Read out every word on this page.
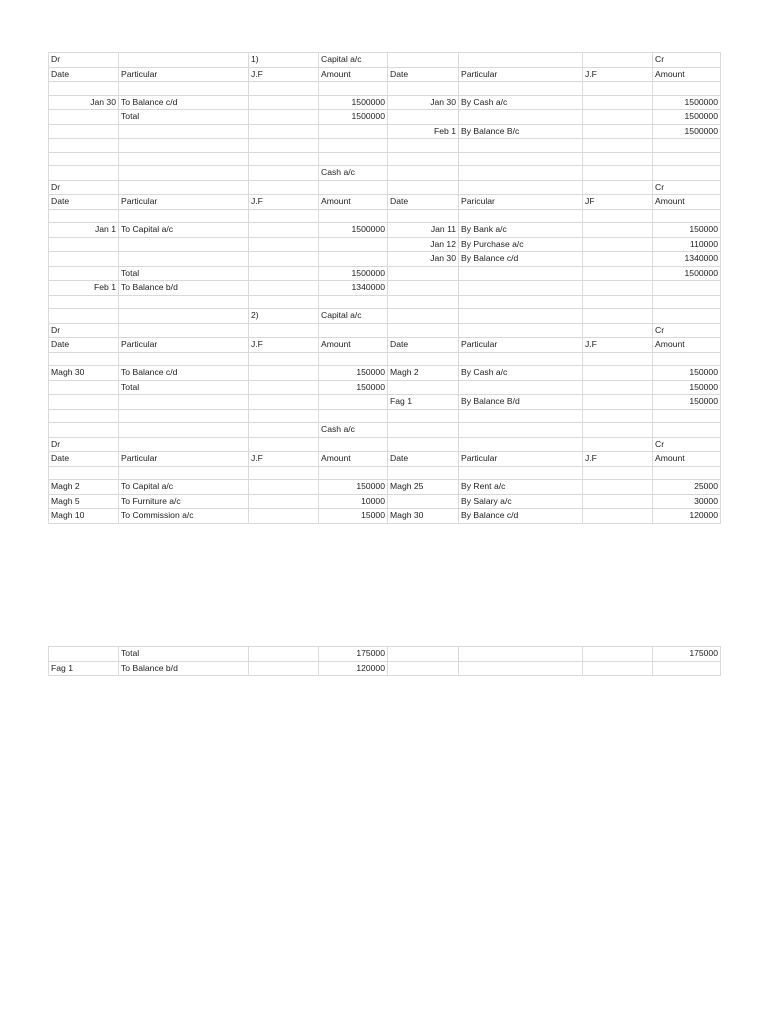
Dr		1)	Capital a/c				Cr
Date	Particular	J.F	Amount	Date	Particular	J.F	Amount

Jan 30	To Balance c/d		1500000	Jan 30	By Cash a/c		1500000
	Total		1500000				1500000
				Feb 1	By Balance B/c		1500000

			Cash a/c				
Dr							Cr
Date	Particular	J.F	Amount	Date	Paricular	JF	Amount

Jan 1	To Capital a/c		1500000	Jan 11	By Bank a/c		150000
				Jan 12	By Purchase a/c		110000
				Jan 30	By Balance c/d		1340000
	Total		1500000				1500000
Feb 1	To Balance b/d		1340000				

		2)	Capital a/c				
Dr							Cr
Date	Particular	J.F	Amount	Date	Particular	J.F	Amount

Magh 30	To Balance c/d		150000	Magh 2	By Cash a/c		150000
	Total		150000				150000
				Fag 1	By Balance B/d		150000

			Cash a/c				
Dr							Cr
Date	Particular	J.F	Amount	Date	Particular	J.F	Amount

Magh 2	To Capital a/c		150000	Magh 25	By Rent a/c		25000
Magh 5	To Furniture a/c		10000		By Salary a/c		30000
Magh 10	To Commission a/c		15000	Magh 30	By Balance c/d		120000
	Total		175000				175000
Fag 1	To Balance b/d		120000				
